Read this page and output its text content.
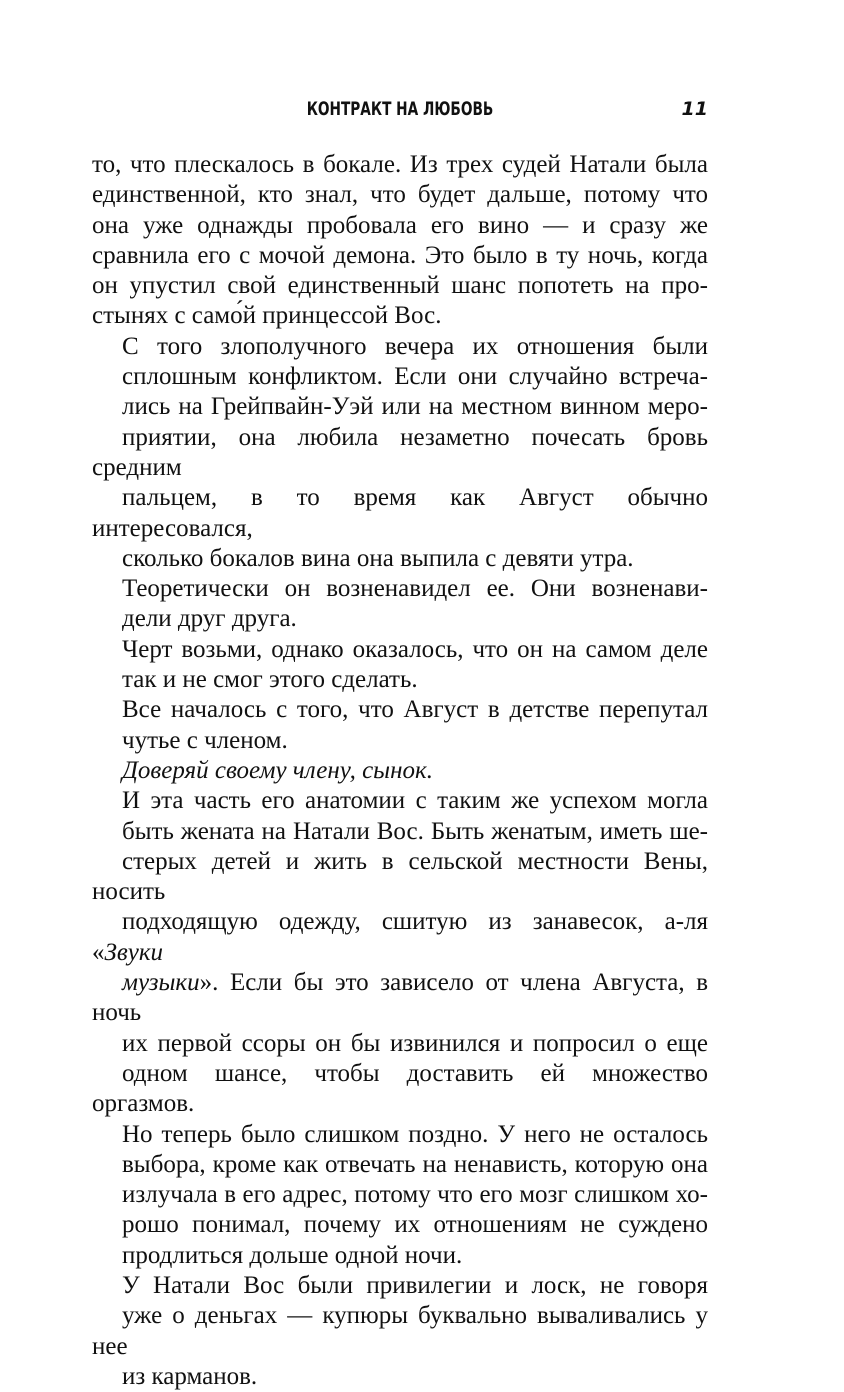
КОНТРАКТ НА ЛЮБОВЬ	11

то, что плескалось в бокале. Из трех судей Натали была
единственной, кто знал, что будет дальше, потому что
она уже однажды пробовала его вино — и сразу же
сравнила его с мочой демона. Это было в ту ночь, когда
он упустил свой единственный шанс попотеть на про-
стынях с само́й принцессой Вос.

С того злополучного вечера их отношения были
сплошным конфликтом. Если они случайно встреча-
лись на Грейпвайн-Уэй или на местном винном меро-
приятии, она любила незаметно почесать бровь средним
пальцем, в то время как Август обычно интересовался,
сколько бокалов вина она выпила с девяти утра.

Теоретически он возненавидел ее. Они возненави-
дели друг друга.

Черт возьми, однако оказалось, что он на самом деле
так и не смог этого сделать.

Все началось с того, что Август в детстве перепутал
чутье с членом.

Доверяй своему члену, сынок.

И эта часть его анатомии с таким же успехом могла
быть женатa на Натали Вос. Быть женатым, иметь ше-
стерых детей и жить в сельской местности Вены, носить
подходящую одежду, сшитую из занавесок, а-ля «Звуки
музыки». Если бы это зависело от члена Августа, в ночь
их первой ссоры он бы извинился и попросил о еще
одном шансе, чтобы доставить ей множество оргазмов.
Но теперь было слишком поздно. У него не осталось
выбора, кроме как отвечать на ненависть, которую она
излучала в его адрес, потому что его мозг слишком хо-
рошо понимал, почему их отношениям не суждено
продлиться дольше одной ночи.

У Натали Вос были привилегии и лоск, не говоря
уже о деньгах — купюры буквально вываливались у нее
из карманов.
